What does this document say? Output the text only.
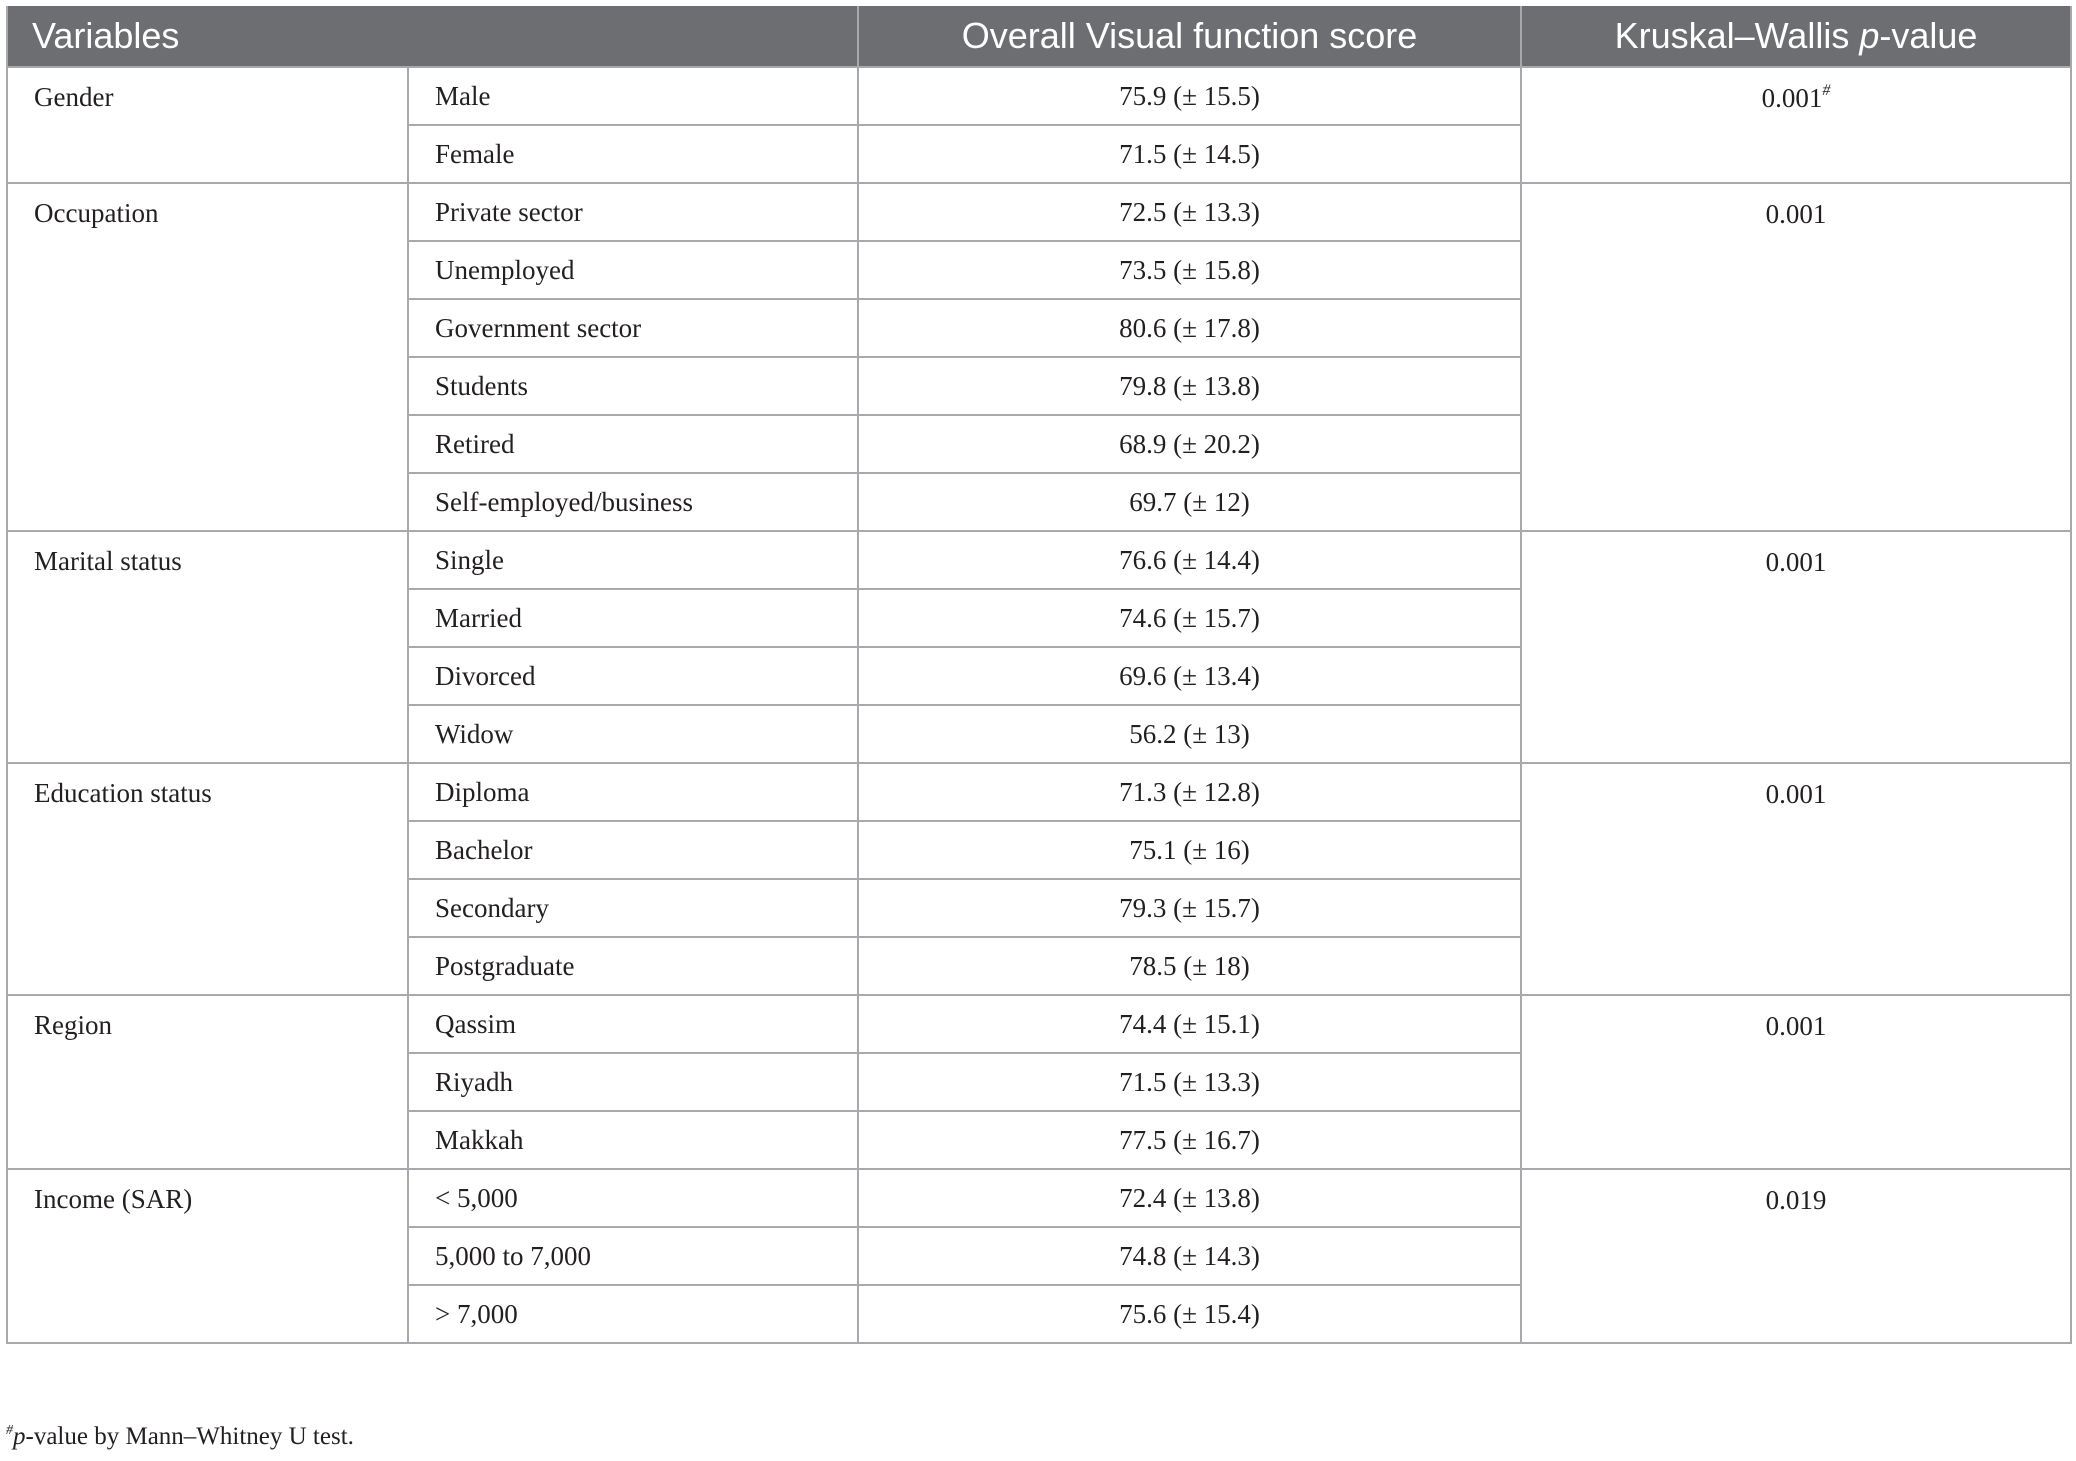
Variables		Overall Visual function score	Kruskal–Wallis p-value
Gender	Male	75.9 (± 15.5)	0.001#
	Female	71.5 (± 14.5)	
Occupation	Private sector	72.5 (± 13.3)	0.001
	Unemployed	73.5 (± 15.8)	
	Government sector	80.6 (± 17.8)	
	Students	79.8 (± 13.8)	
	Retired	68.9 (± 20.2)	
	Self-employed/business	69.7 (± 12)	
Marital status	Single	76.6 (± 14.4)	0.001
	Married	74.6 (± 15.7)	
	Divorced	69.6 (± 13.4)	
	Widow	56.2 (± 13)	
Education status	Diploma	71.3 (± 12.8)	0.001
	Bachelor	75.1 (± 16)	
	Secondary	79.3 (± 15.7)	
	Postgraduate	78.5 (± 18)	
Region	Qassim	74.4 (± 15.1)	0.001
	Riyadh	71.5 (± 13.3)	
	Makkah	77.5 (± 16.7)	
Income (SAR)	< 5,000	72.4 (± 13.8)	0.019
	5,000 to 7,000	74.8 (± 14.3)	
	> 7,000	75.6 (± 15.4)	
#p-value by Mann–Whitney U test.
